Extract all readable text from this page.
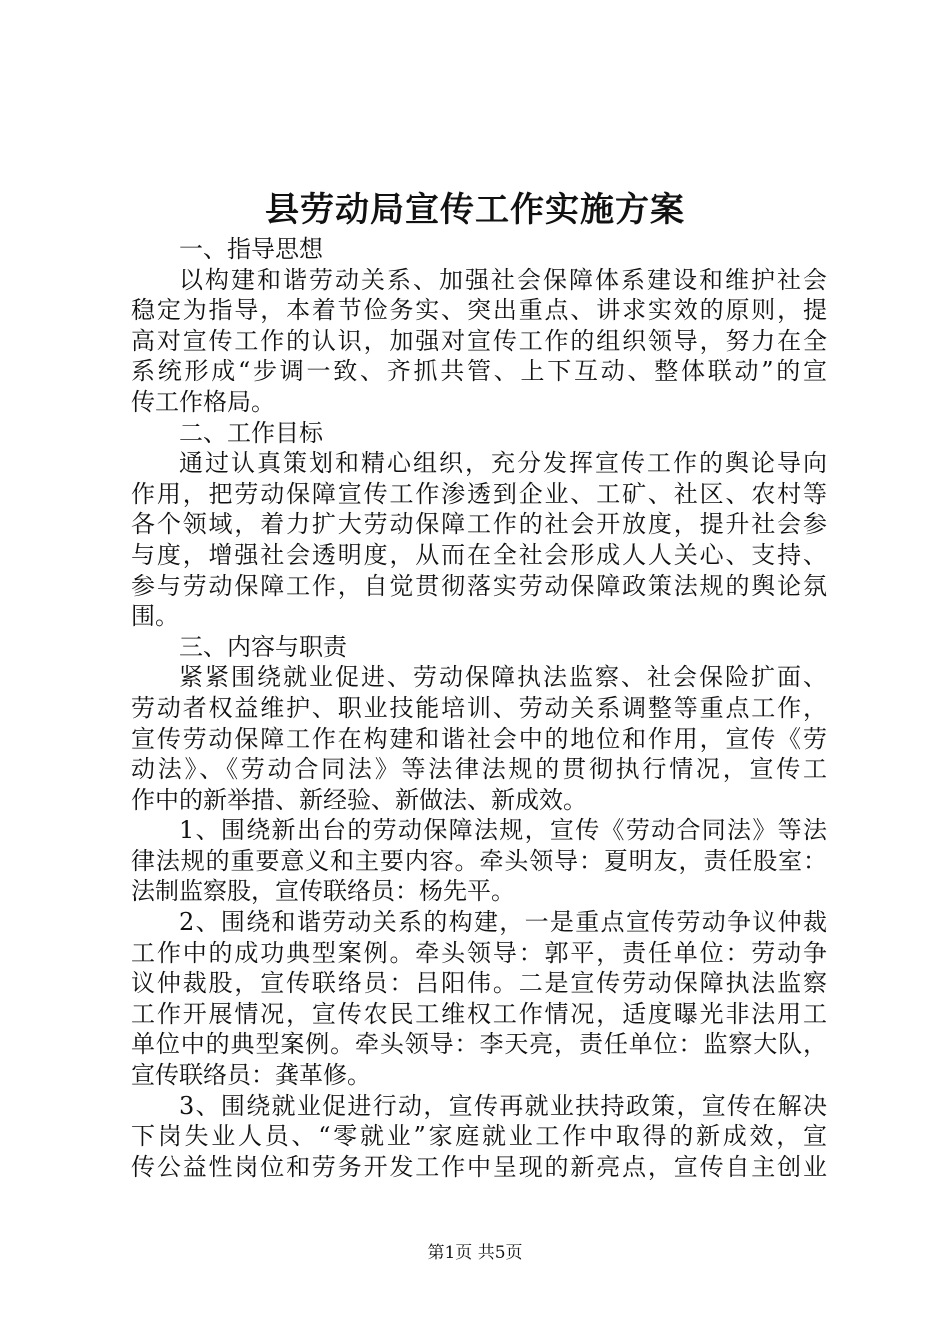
县劳动局宣传工作实施方案
一、指导思想
以构建和谐劳动关系、加强社会保障体系建设和维护社会
稳定为指导，本着节俭务实、突出重点、讲求实效的原则，提
高对宣传工作的认识，加强对宣传工作的组织领导，努力在全
系统形成“步调一致、齐抓共管、上下互动、整体联动”的宣
传工作格局。
二、工作目标
通过认真策划和精心组织，充分发挥宣传工作的舆论导向
作用，把劳动保障宣传工作渗透到企业、工矿、社区、农村等
各个领域，着力扩大劳动保障工作的社会开放度，提升社会参
与度，增强社会透明度，从而在全社会形成人人关心、支持、
参与劳动保障工作，自觉贯彻落实劳动保障政策法规的舆论氛
围。
三、内容与职责
紧紧围绕就业促进、劳动保障执法监察、社会保险扩面、
劳动者权益维护、职业技能培训、劳动关系调整等重点工作，
宣传劳动保障工作在构建和谐社会中的地位和作用，宣传《劳
动法》、《劳动合同法》等法律法规的贯彻执行情况，宣传工
作中的新举措、新经验、新做法、新成效。
1、围绕新出台的劳动保障法规，宣传《劳动合同法》等法
律法规的重要意义和主要内容。牵头领导：夏明友，责任股室：
法制监察股，宣传联络员：杨先平。
2、围绕和谐劳动关系的构建，一是重点宣传劳动争议仲裁
工作中的成功典型案例。牵头领导：郭平，责任单位：劳动争
议仲裁股，宣传联络员：吕阳伟。二是宣传劳动保障执法监察
工作开展情况，宣传农民工维权工作情况，适度曝光非法用工
单位中的典型案例。牵头领导：李天亮，责任单位：监察大队，
宣传联络员：龚革修。
3、围绕就业促进行动，宣传再就业扶持政策，宣传在解决
下岗失业人员、“零就业”家庭就业工作中取得的新成效，宣
传公益性岗位和劳务开发工作中呈现的新亮点，宣传自主创业
第1页 共5页
